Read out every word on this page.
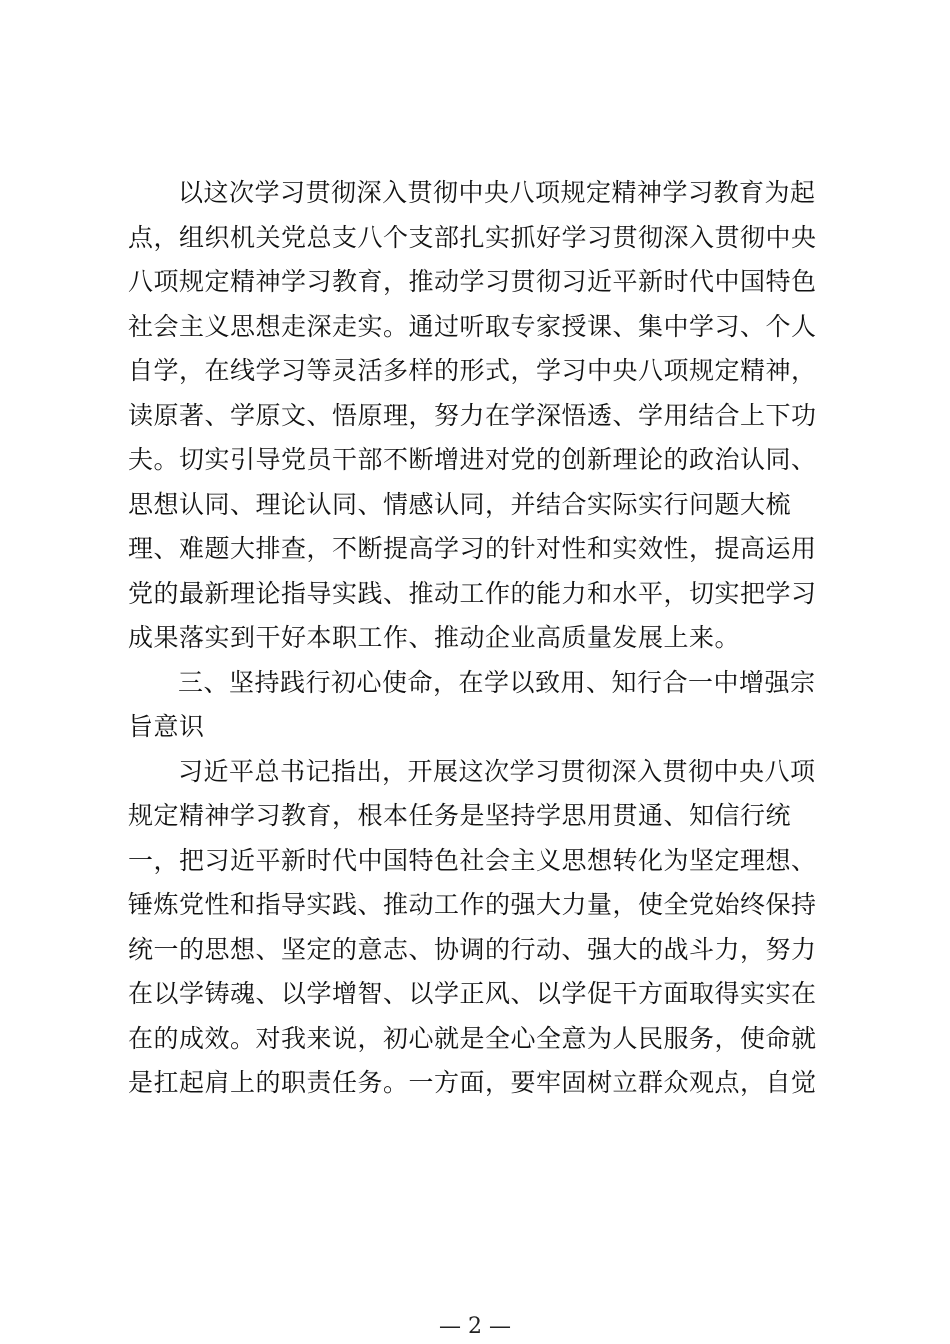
以这次学习贯彻深入贯彻中央八项规定精神学习教育为起
点，组织机关党总支八个支部扎实抓好学习贯彻深入贯彻中央
八项规定精神学习教育，推动学习贯彻习近平新时代中国特色
社会主义思想走深走实。通过听取专家授课、集中学习、个人
自学，在线学习等灵活多样的形式，学习中央八项规定精神，
读原著、学原文、悟原理，努力在学深悟透、学用结合上下功
夫。切实引导党员干部不断增进对党的创新理论的政治认同、
思想认同、理论认同、情感认同，并结合实际实行问题大梳
理、难题大排查，不断提高学习的针对性和实效性，提高运用
党的最新理论指导实践、推动工作的能力和水平，切实把学习
成果落实到干好本职工作、推动企业高质量发展上来。
三、坚持践行初心使命，在学以致用、知行合一中增强宗
旨意识
习近平总书记指出，开展这次学习贯彻深入贯彻中央八项
规定精神学习教育，根本任务是坚持学思用贯通、知信行统
一，把习近平新时代中国特色社会主义思想转化为坚定理想、
锤炼党性和指导实践、推动工作的强大力量，使全党始终保持
统一的思想、坚定的意志、协调的行动、强大的战斗力，努力
在以学铸魂、以学增智、以学正风、以学促干方面取得实实在
在的成效。对我来说，初心就是全心全意为人民服务，使命就
是扛起肩上的职责任务。一方面，要牢固树立群众观点，自觉
— 2 —
